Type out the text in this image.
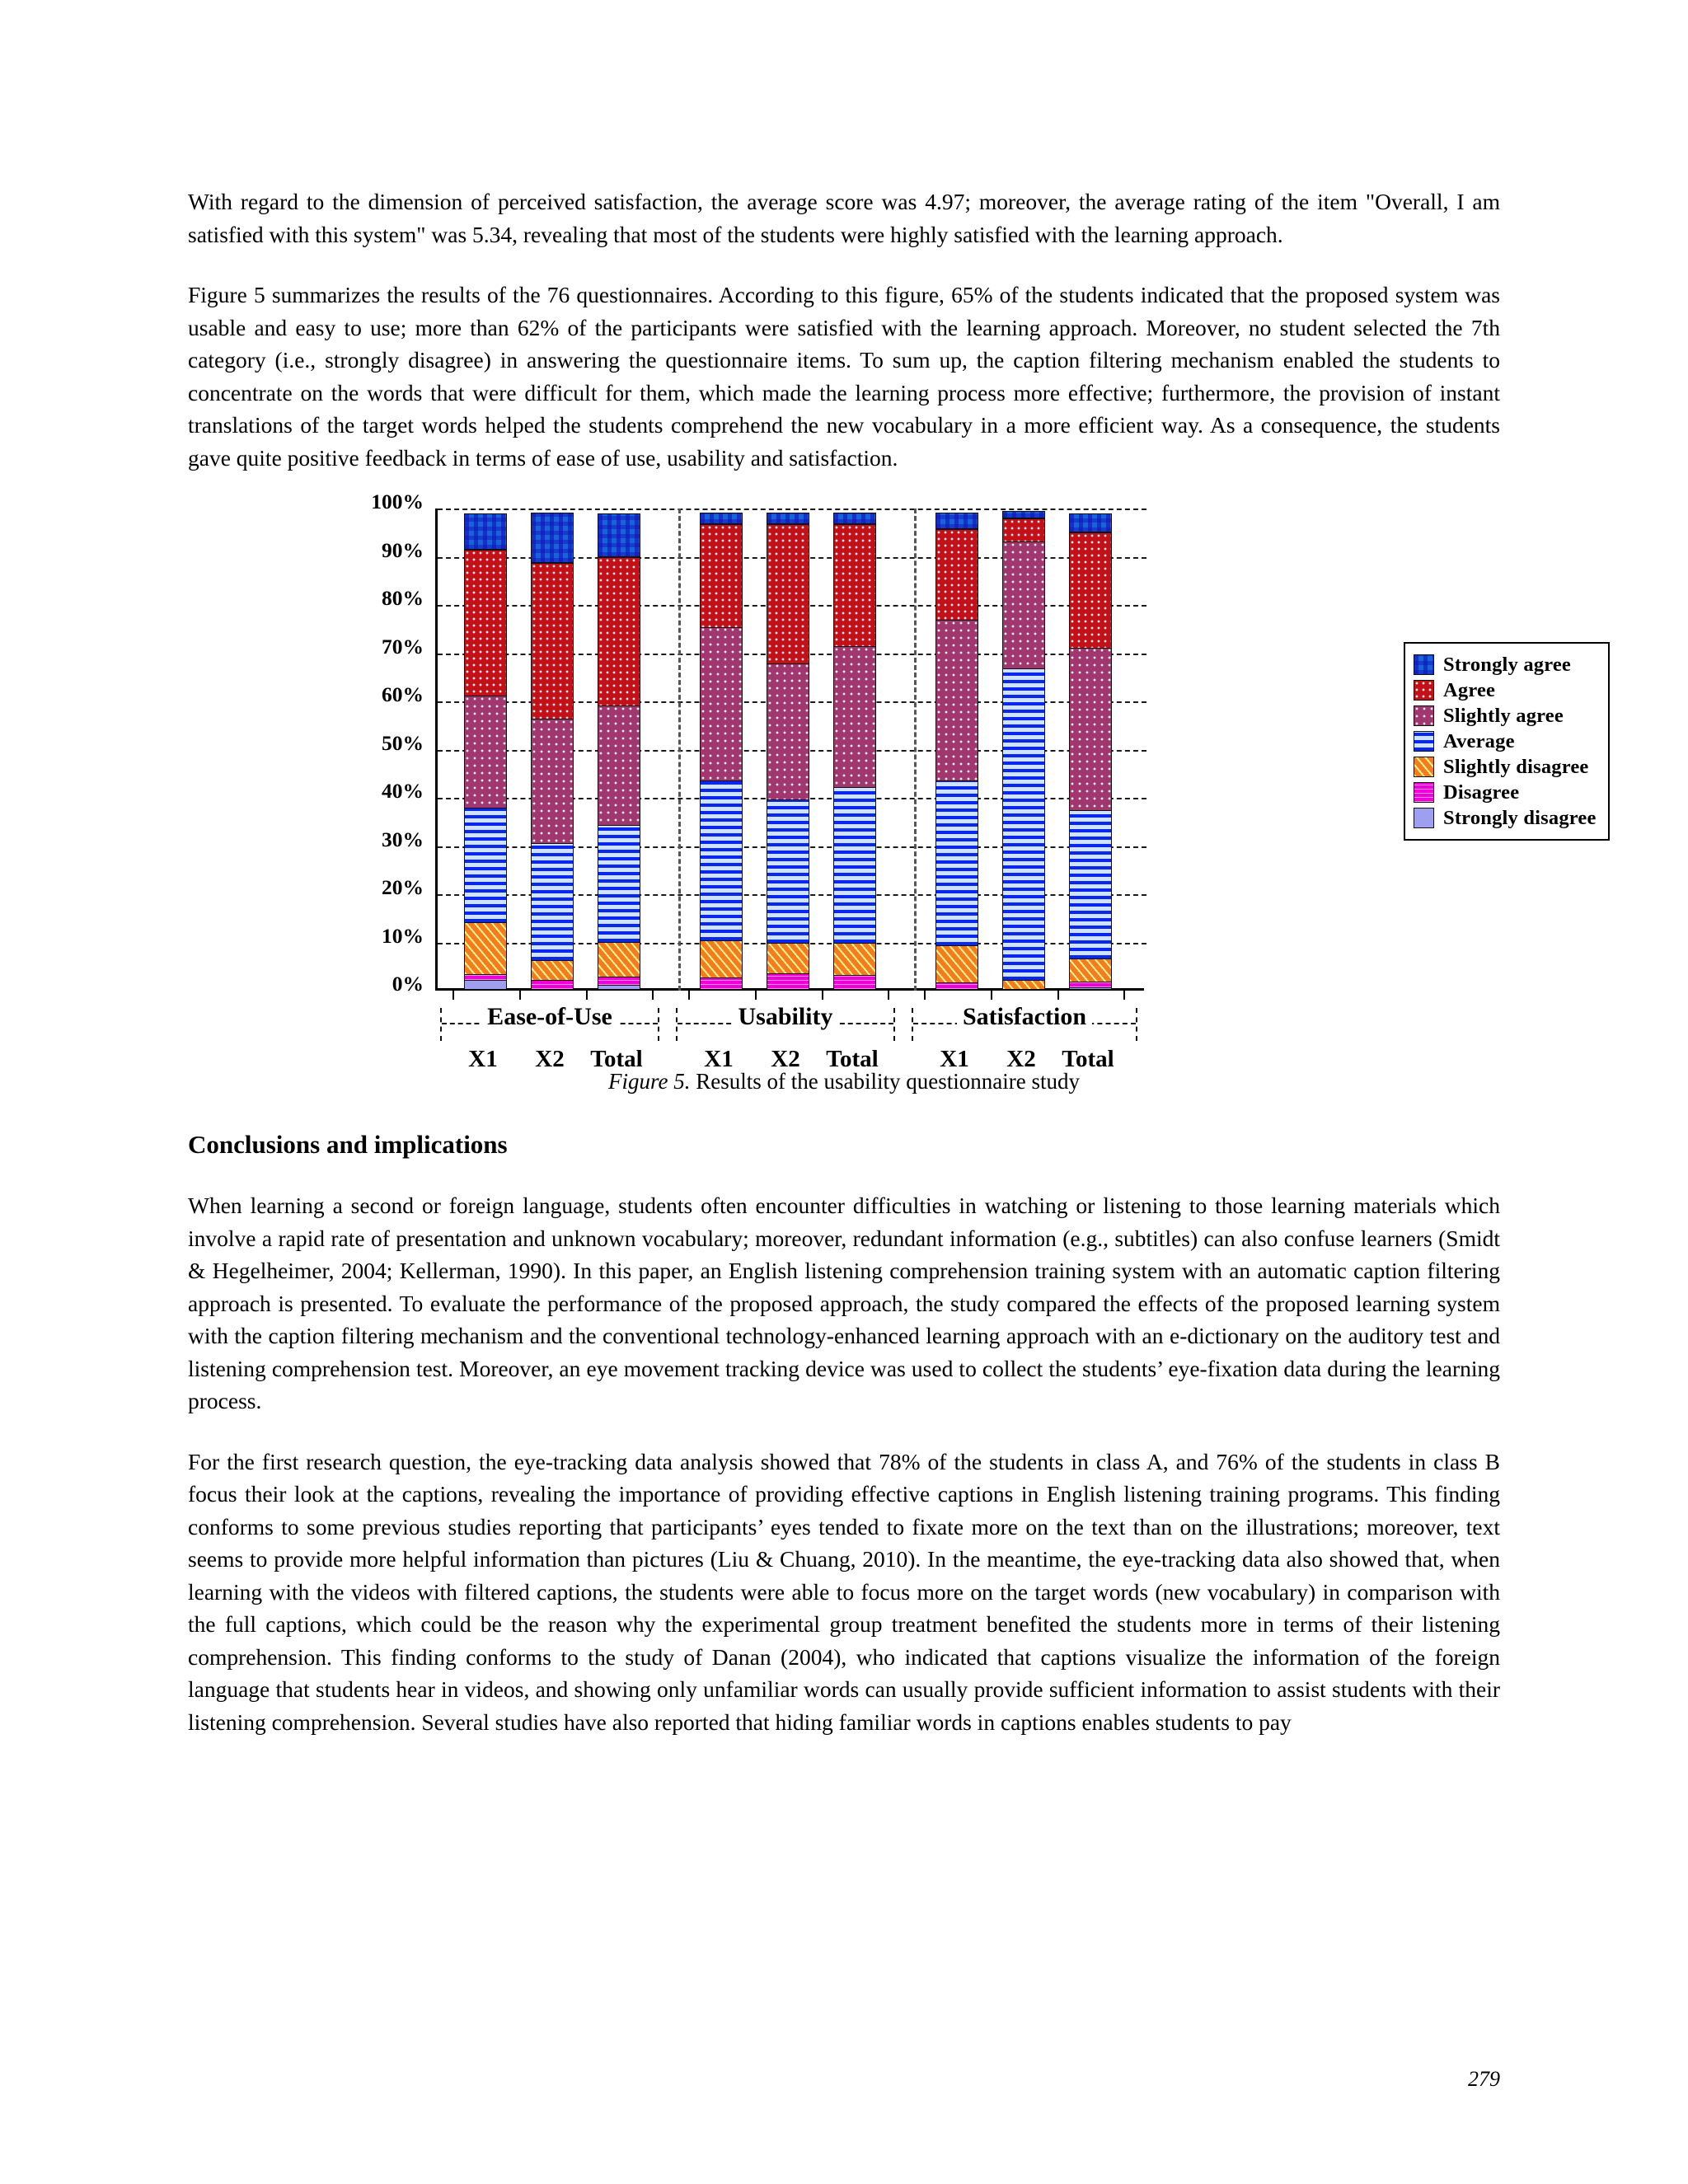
With regard to the dimension of perceived satisfaction, the average score was 4.97; moreover, the average rating of the item "Overall, I am satisfied with this system" was 5.34, revealing that most of the students were highly satisfied with the learning approach.

Figure 5 summarizes the results of the 76 questionnaires. According to this figure, 65% of the students indicated that the proposed system was usable and easy to use; more than 62% of the participants were satisfied with the learning approach. Moreover, no student selected the 7th category (i.e., strongly disagree) in answering the questionnaire items. To sum up, the caption filtering mechanism enabled the students to concentrate on the words that were difficult for them, which made the learning process more effective; furthermore, the provision of instant translations of the target words helped the students comprehend the new vocabulary in a more efficient way. As a consequence, the students gave quite positive feedback in terms of ease of use, usability and satisfaction.

100%
90%
80%
70%
60%
50%
40%
30%
20%
10%
0%
Ease-of-Use	Usability	Satisfaction
X1 X2 Total	X1 X2 Total	X1 X2 Total
Strongly agree
Agree
Slightly agree
Average
Slightly disagree
Disagree
Strongly disagree
Figure 5. Results of the usability questionnaire study
Conclusions and implications

When learning a second or foreign language, students often encounter difficulties in watching or listening to those learning materials which involve a rapid rate of presentation and unknown vocabulary; moreover, redundant information (e.g., subtitles) can also confuse learners (Smidt & Hegelheimer, 2004; Kellerman, 1990). In this paper, an English listening comprehension training system with an automatic caption filtering approach is presented. To evaluate the performance of the proposed approach, the study compared the effects of the proposed learning system with the caption filtering mechanism and the conventional technology-enhanced learning approach with an e-dictionary on the auditory test and listening comprehension test. Moreover, an eye movement tracking device was used to collect the students’ eye-fixation data during the learning process.

For the first research question, the eye-tracking data analysis showed that 78% of the students in class A, and 76% of the students in class B focus their look at the captions, revealing the importance of providing effective captions in English listening training programs. This finding conforms to some previous studies reporting that participants’ eyes tended to fixate more on the text than on the illustrations; moreover, text seems to provide more helpful information than pictures (Liu & Chuang, 2010). In the meantime, the eye-tracking data also showed that, when learning with the videos with filtered captions, the students were able to focus more on the target words (new vocabulary) in comparison with the full captions, which could be the reason why the experimental group treatment benefited the students more in terms of their listening comprehension. This finding conforms to the study of Danan (2004), who indicated that captions visualize the information of the foreign language that students hear in videos, and showing only unfamiliar words can usually provide sufficient information to assist students with their listening comprehension. Several studies have also reported that hiding familiar words in captions enables students to pay

279
